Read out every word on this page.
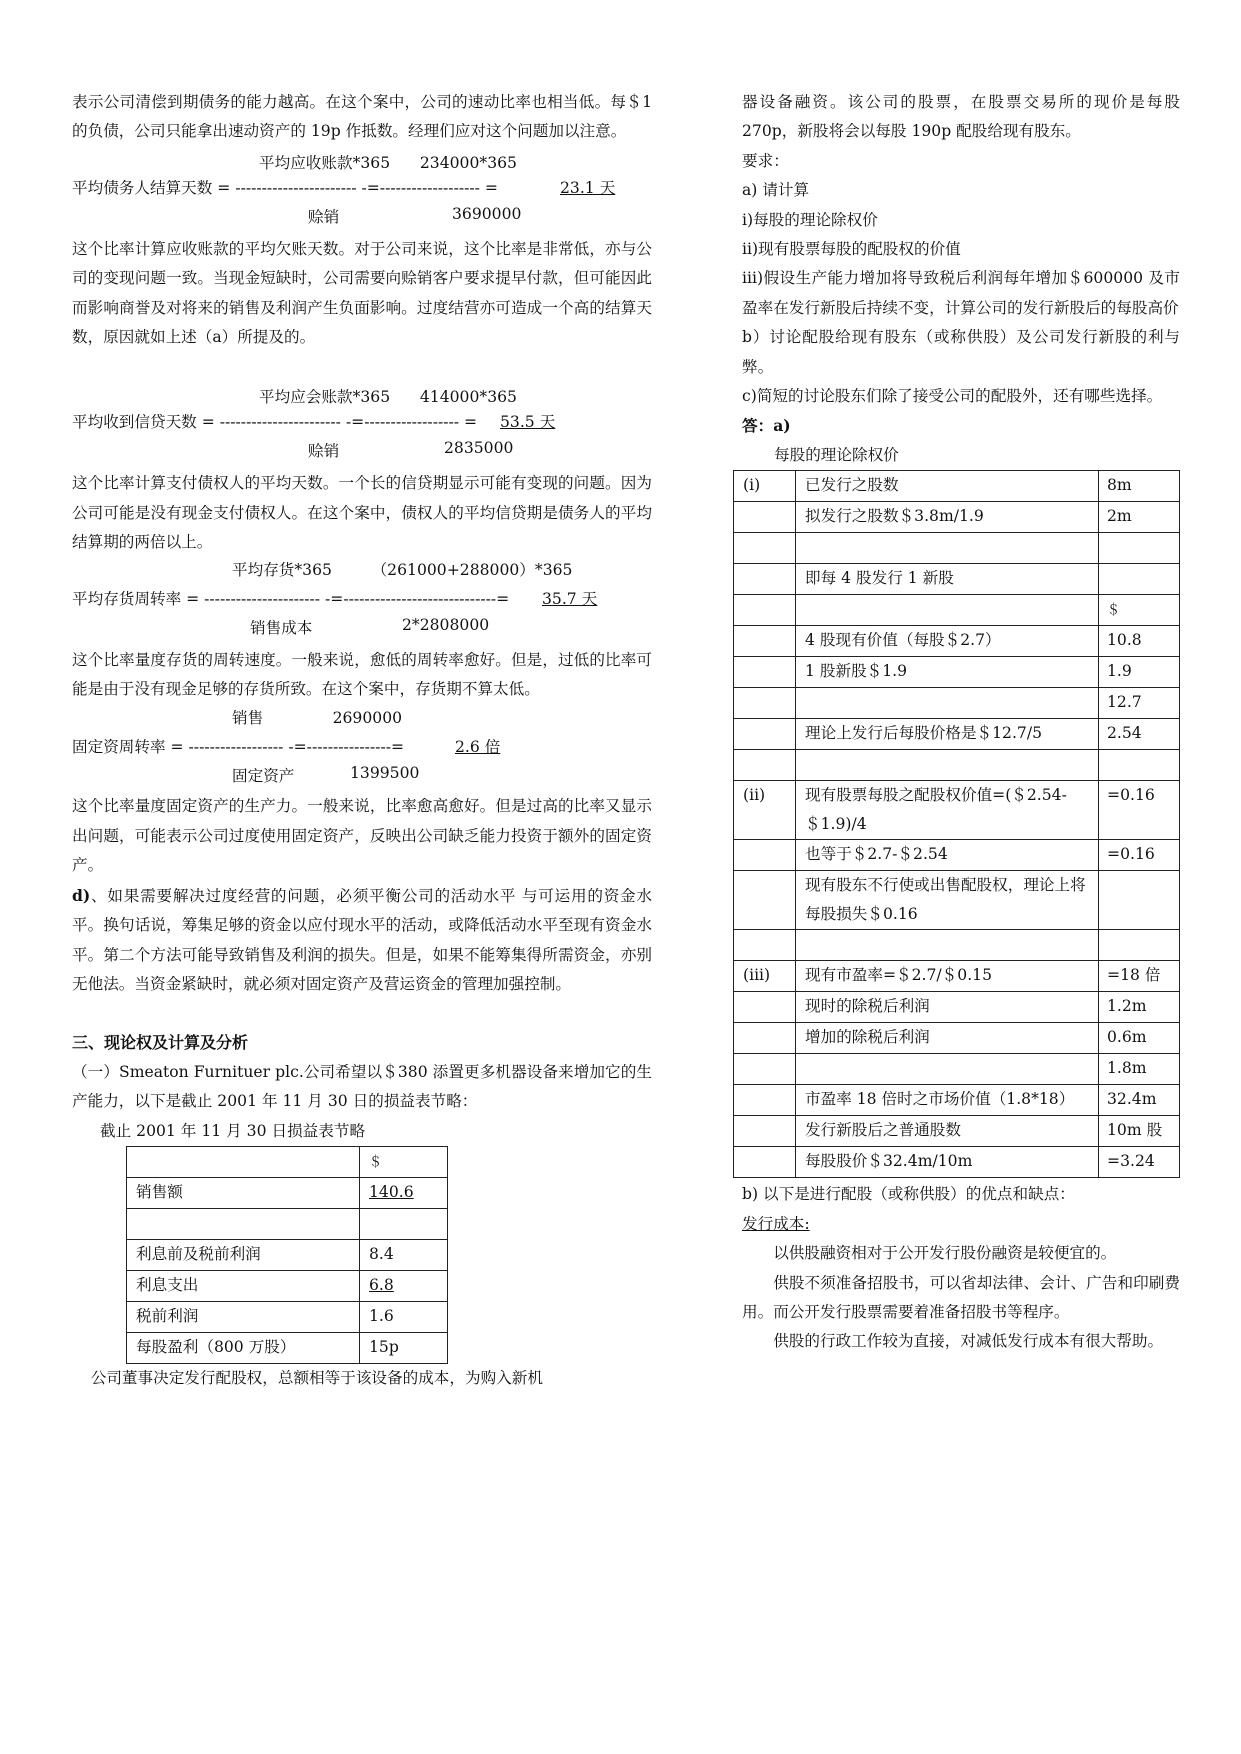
表示公司清偿到期债务的能力越高。在这个案中，公司的速动比率也相当低。每＄1 的负债，公司只能拿出速动资产的 19p 作抵数。经理们应对这个问题加以注意。

平均应收账款*365      234000*365
平均债务人结算天数 = ----------------------- -=------------------- =	23.1 天
赊销	3690000

这个比率计算应收账款的平均欠账天数。对于公司来说，这个比率是非常低，亦与公司的变现问题一致。当现金短缺时，公司需要向赊销客户要求提早付款，但可能因此而影响商誉及对将来的销售及利润产生负面影响。过度结营亦可造成一个高的结算天数，原因就如上述（a）所提及的。

平均应会账款*365      414000*365
平均收到信贷天数 = ----------------------- -=------------------ = 53.5 天
赊销	2835000

这个比率计算支付债权人的平均天数。一个长的信贷期显示可能有变现的问题。因为公司可能是没有现金支付债权人。在这个案中，债权人的平均信贷期是债务人的平均结算期的两倍以上。

平均存货*365        （261000+288000）*365
平均存货周转率 = ---------------------- -=-----------------------------= 35.7 天
销售成本	2*2808000

这个比率量度存货的周转速度。一般来说，愈低的周转率愈好。但是，过低的比率可能是由于没有现金足够的存货所致。在这个案中，存货期不算太低。

销售              2690000
固定资周转率 = ------------------ -=----------------=	2.6 倍
固定资产	1399500

这个比率量度固定资产的生产力。一般来说，比率愈高愈好。但是过高的比率又显示出问题，可能表示公司过度使用固定资产，反映出公司缺乏能力投资于额外的固定资产。

d)、如果需要解决过度经营的问题，必须平衡公司的活动水平 与可运用的资金水平。换句话说，筹集足够的资金以应付现水平的活动，或降低活动水平至现有资金水平。第二个方法可能导致销售及利润的损失。但是，如果不能筹集得所需资金，亦别无他法。当资金紧缺时，就必须对固定资产及营运资金的管理加强控制。

三、现论权及计算及分析

（一）Smeaton Furnituer plc.公司希望以＄380 添置更多机器设备来增加它的生产能力，以下是截止 2001 年 11 月 30 日的损益表节略：

截止 2001 年 11 月 30 日损益表节略

	＄
销售额	140.6

利息前及税前利润	8.4
利息支出	6.8
税前利润	1.6
每股盈利（800 万股）	15p

公司董事决定发行配股权，总额相等于该设备的成本，为购入新机

器设备融资。该公司的股票，在股票交易所的现价是每股 270p，新股将会以每股 190p 配股给现有股东。

要求：

a) 请计算

i)每股的理论除权价

ii)现有股票每股的配股权的价值

iii)假设生产能力增加将导致税后利润每年增加＄600000 及市盈率在发行新股后持续不变，计算公司的发行新股后的每股高价

b）讨论配股给现有股东（或称供股）及公司发行新股的利与弊。

c)简短的讨论股东们除了接受公司的配股外，还有哪些选择。

答：a)

每股的理论除权价

(i)	已发行之股数	8m
	拟发行之股数＄3.8m/1.9	2m

	即每 4 股发行 1 新股	
		＄
	4 股现有价值（每股＄2.7）	10.8
	1 股新股＄1.9	1.9
		12.7
	理论上发行后每股价格是＄12.7/5	2.54

(ii)	现有股票每股之配股权价值=(＄2.54-＄1.9)/4	=0.16
	也等于＄2.7-＄2.54	=0.16
	现有股东不行使或出售配股权，理论上将每股损失＄0.16	

(iii)	现有市盈率=＄2.7/＄0.15	=18 倍
	现时的除税后利润	1.2m
	增加的除税后利润	0.6m
		1.8m
	市盈率 18 倍时之市场价值（1.8*18）	32.4m
	发行新股后之普通股数	10m 股
	每股股价＄32.4m/10m	=3.24

b) 以下是进行配股（或称供股）的优点和缺点：

发行成本:

以供股融资相对于公开发行股份融资是较便宜的。

供股不须准备招股书，可以省却法律、会计、广告和印刷费用。而公开发行股票需要着准备招股书等程序。

供股的行政工作较为直接，对减低发行成本有很大帮助。
